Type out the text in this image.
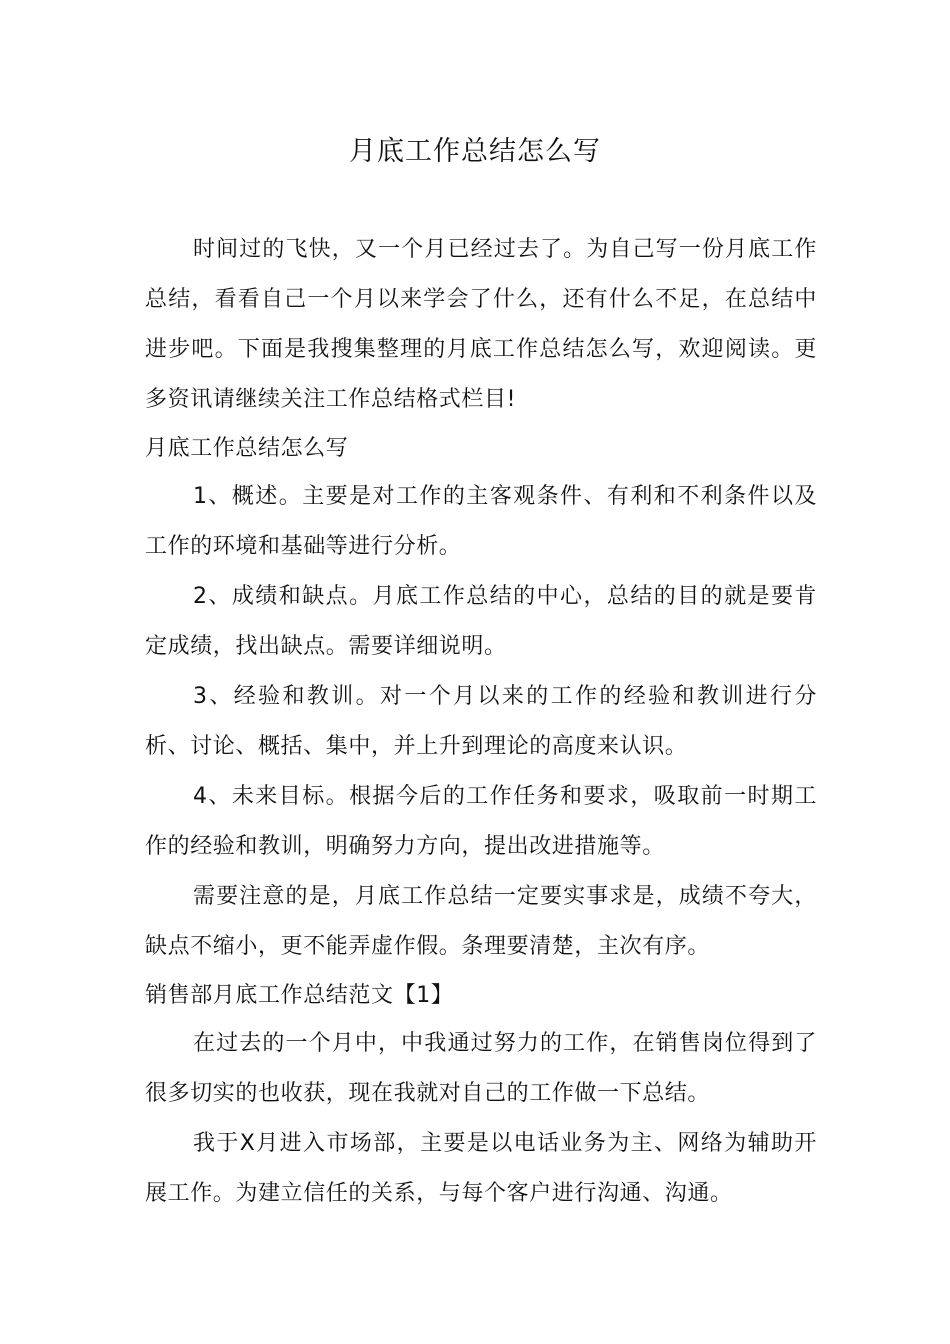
月底工作总结怎么写

时间过的飞快，又一个月已经过去了。为自己写一份月底工作总结，看看自己一个月以来学会了什么，还有什么不足，在总结中进步吧。下面是我搜集整理的月底工作总结怎么写，欢迎阅读。更多资讯请继续关注工作总结格式栏目!

月底工作总结怎么写

1、概述。主要是对工作的主客观条件、有利和不利条件以及工作的环境和基础等进行分析。

2、成绩和缺点。月底工作总结的中心，总结的目的就是要肯定成绩，找出缺点。需要详细说明。

3、经验和教训。对一个月以来的工作的经验和教训进行分析、讨论、概括、集中，并上升到理论的高度来认识。

4、未来目标。根据今后的工作任务和要求，吸取前一时期工作的经验和教训，明确努力方向，提出改进措施等。

需要注意的是，月底工作总结一定要实事求是，成绩不夸大，缺点不缩小，更不能弄虚作假。条理要清楚，主次有序。

销售部月底工作总结范文【1】

在过去的一个月中，中我通过努力的工作，在销售岗位得到了很多切实的也收获，现在我就对自己的工作做一下总结。

我于X月进入市场部，主要是以电话业务为主、网络为辅助开展工作。为建立信任的关系，与每个客户进行沟通、沟通。
